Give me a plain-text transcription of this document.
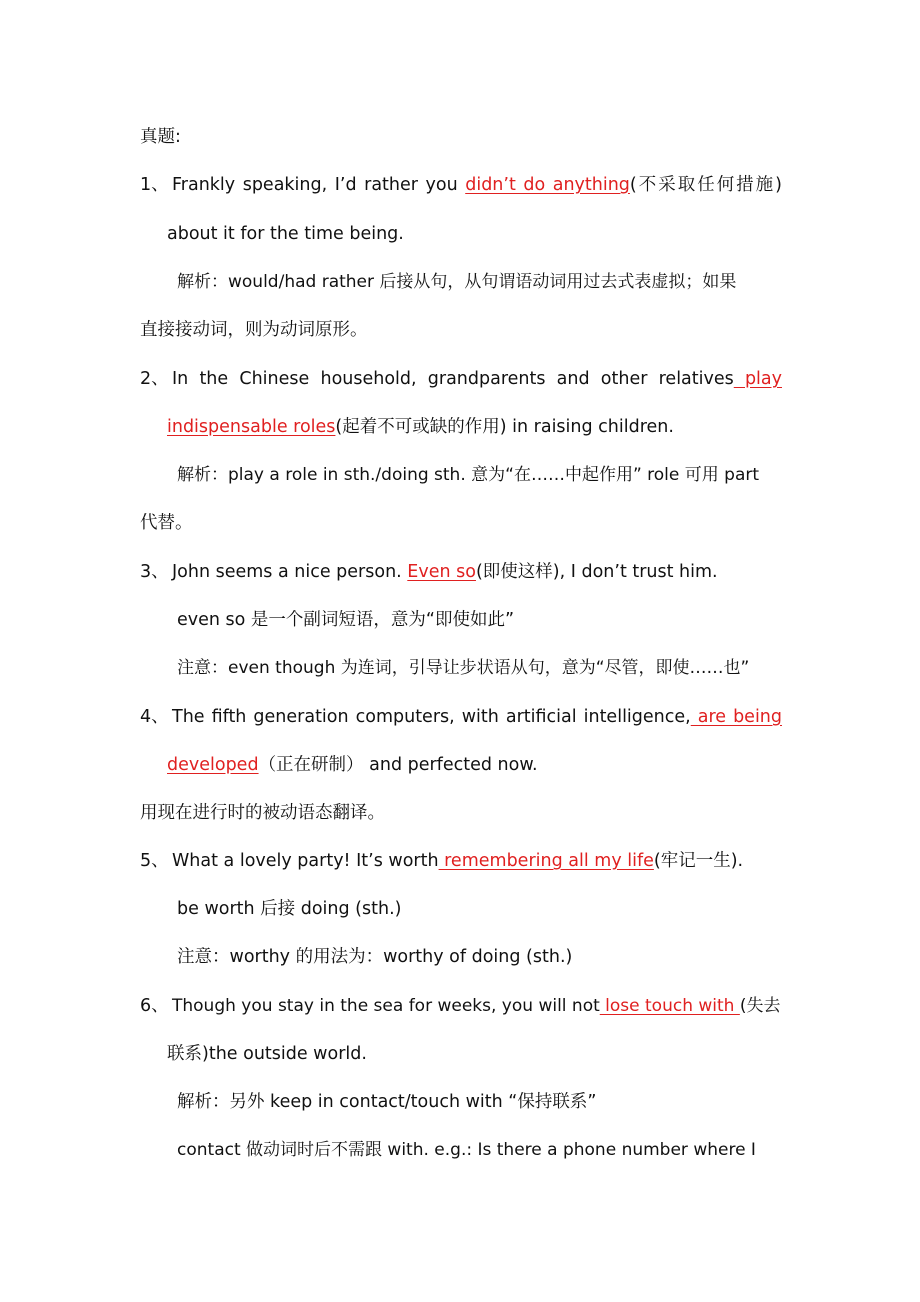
真题:
1、 Frankly speaking, I’d rather you didn’t do anything(不采取任何措施)
about it for the time being.
解析：would/had rather 后接从句，从句谓语动词用过去式表虚拟；如果
直接接动词，则为动词原形。
2、 In the Chinese household, grandparents and other relatives play
indispensable roles(起着不可或缺的作用) in raising children.
解析：play a role in sth./doing sth. 意为“在……中起作用” role 可用 part
代替。
3、 John seems a nice person. Even so(即使这样), I don’t trust him.
even so 是一个副词短语，意为“即使如此”
注意：even though 为连词，引导让步状语从句，意为“尽管，即使……也”
4、 The fifth generation computers, with artificial intelligence, are being
developed（正在研制） and perfected now.
用现在进行时的被动语态翻译。
5、 What a lovely party! It’s worth remembering all my life(牢记一生).
be worth 后接 doing (sth.)
注意：worthy 的用法为：worthy of doing (sth.)
6、 Though you stay in the sea for weeks, you will not lose touch with (失去
联系)the outside world.
解析：另外 keep in contact/touch with “保持联系”
contact 做动词时后不需跟 with. e.g.: Is there a phone number where I
